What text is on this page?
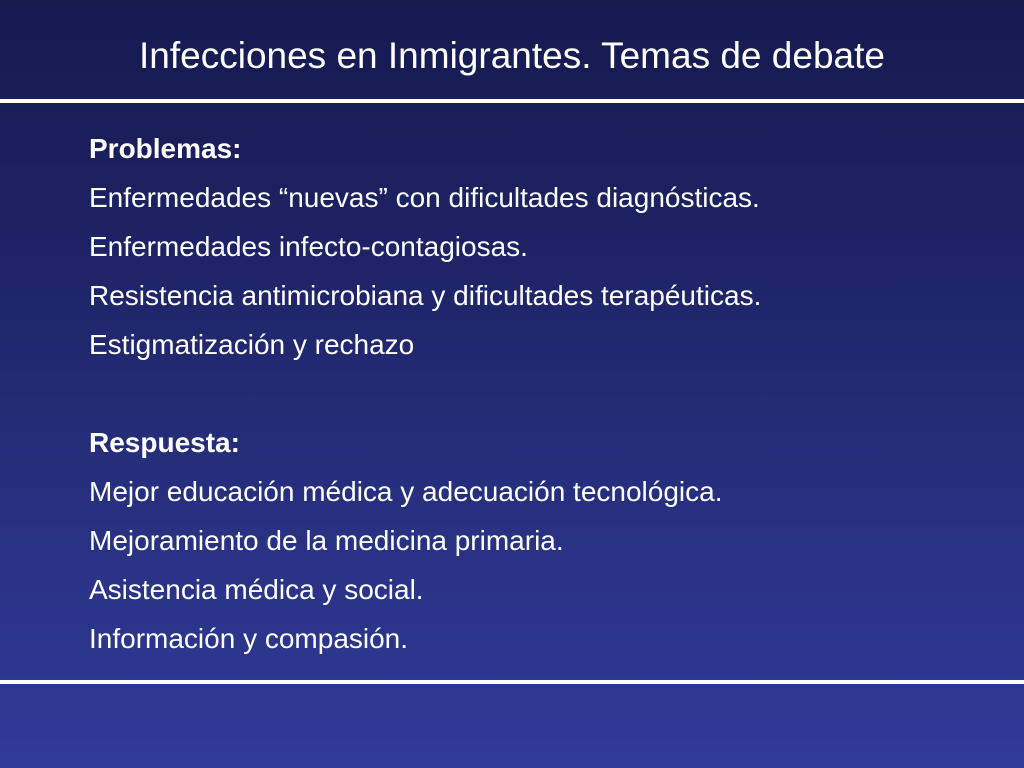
Infecciones en Inmigrantes. Temas de debate
Problemas:
Enfermedades “nuevas” con dificultades diagnósticas.
Enfermedades infecto-contagiosas.
Resistencia antimicrobiana y dificultades terapéuticas.
Estigmatización y rechazo
Respuesta:
Mejor educación médica y adecuación tecnológica.
Mejoramiento de la medicina primaria.
Asistencia médica y social.
Información y compasión.
